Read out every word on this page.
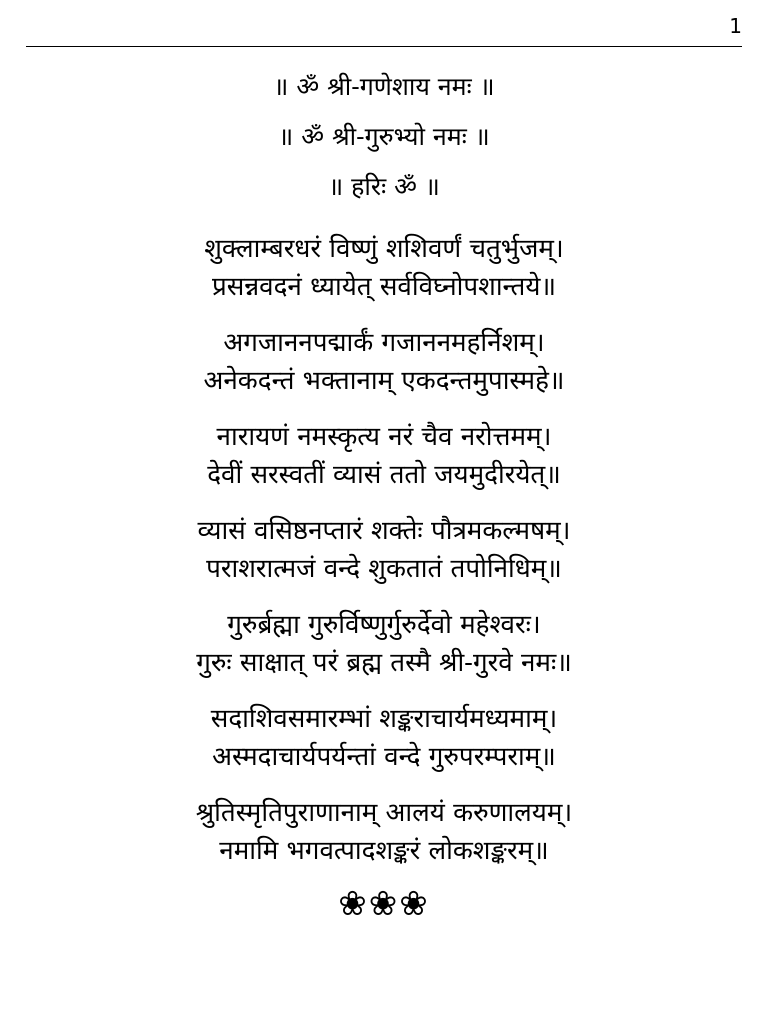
1
॥ ॐ श्री-गणेशाय नमः ॥
॥ ॐ श्री-गुरुभ्यो नमः ॥
॥ हरिः ॐ ॥
शुक्लाम्बरधरं विष्णुं शशिवर्णं चतुर्भुजम्।
प्रसन्नवदनं ध्यायेत् सर्वविघ्नोपशान्तये॥
अगजाननपद्मार्कं गजाननमहर्निशम्।
अनेकदन्तं भक्तानाम् एकदन्तमुपास्महे॥
नारायणं नमस्कृत्य नरं चैव नरोत्तमम्।
देवीं सरस्वतीं व्यासं ततो जयमुदीरयेत्॥
व्यासं वसिष्ठनप्तारं शक्तेः पौत्रमकल्मषम्।
पराशरात्मजं वन्दे शुकतातं तपोनिधिम्॥
गुरुर्ब्रह्मा गुरुर्विष्णुर्गुरुर्देवो महेश्वरः।
गुरुः साक्षात् परं ब्रह्म तस्मै श्री-गुरवे नमः॥
सदाशिवसमारम्भां शङ्कराचार्यमध्यमाम्।
अस्मदाचार्यपर्यन्तां वन्दे गुरुपरम्पराम्॥
श्रुतिस्मृतिपुराणानाम् आलयं करुणालयम्।
नमामि भगवत्पादशङ्करं लोकशङ्करम्॥
❀❀❀
